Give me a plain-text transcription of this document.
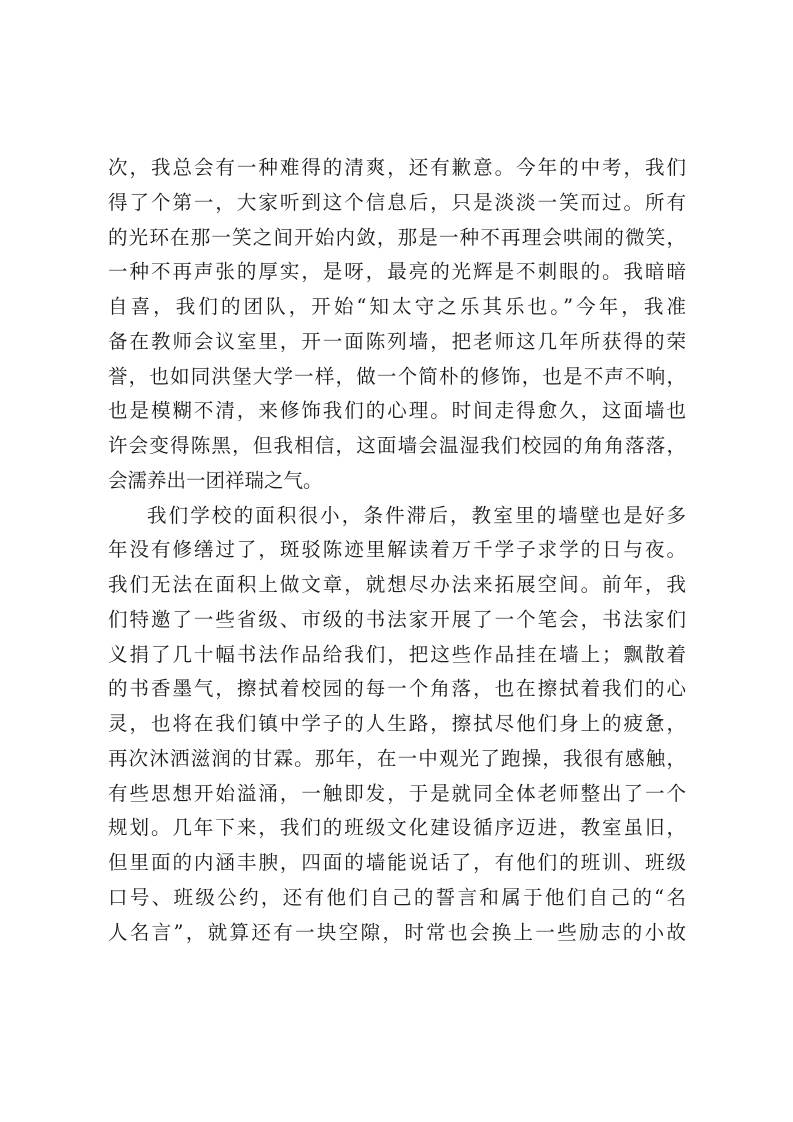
次，我总会有一种难得的清爽，还有歉意。今年的中考，我们
得了个第一，大家听到这个信息后，只是淡淡一笑而过。所有
的光环在那一笑之间开始内敛，那是一种不再理会哄闹的微笑，
一种不再声张的厚实，是呀，最亮的光辉是不刺眼的。我暗暗
自喜，我们的团队，开始“知太守之乐其乐也。”今年，我准
备在教师会议室里，开一面陈列墙，把老师这几年所获得的荣
誉，也如同洪堡大学一样，做一个简朴的修饰，也是不声不响，
也是模糊不清，来修饰我们的心理。时间走得愈久，这面墙也
许会变得陈黑，但我相信，这面墙会温湿我们校园的角角落落，
会濡养出一团祥瑞之气。
我们学校的面积很小，条件滞后，教室里的墙壁也是好多
年没有修缮过了，斑驳陈迹里解读着万千学子求学的日与夜。
我们无法在面积上做文章，就想尽办法来拓展空间。前年，我
们特邀了一些省级、市级的书法家开展了一个笔会，书法家们
义捐了几十幅书法作品给我们，把这些作品挂在墙上；飘散着
的书香墨气，擦拭着校园的每一个角落，也在擦拭着我们的心
灵，也将在我们镇中学子的人生路，擦拭尽他们身上的疲惫，
再次沐洒滋润的甘霖。那年，在一中观光了跑操，我很有感触，
有些思想开始溢涌，一触即发，于是就同全体老师整出了一个
规划。几年下来，我们的班级文化建设循序迈进，教室虽旧，
但里面的内涵丰腴，四面的墙能说话了，有他们的班训、班级
口号、班级公约，还有他们自己的誓言和属于他们自己的“名
人名言”，就算还有一块空隙，时常也会换上一些励志的小故
